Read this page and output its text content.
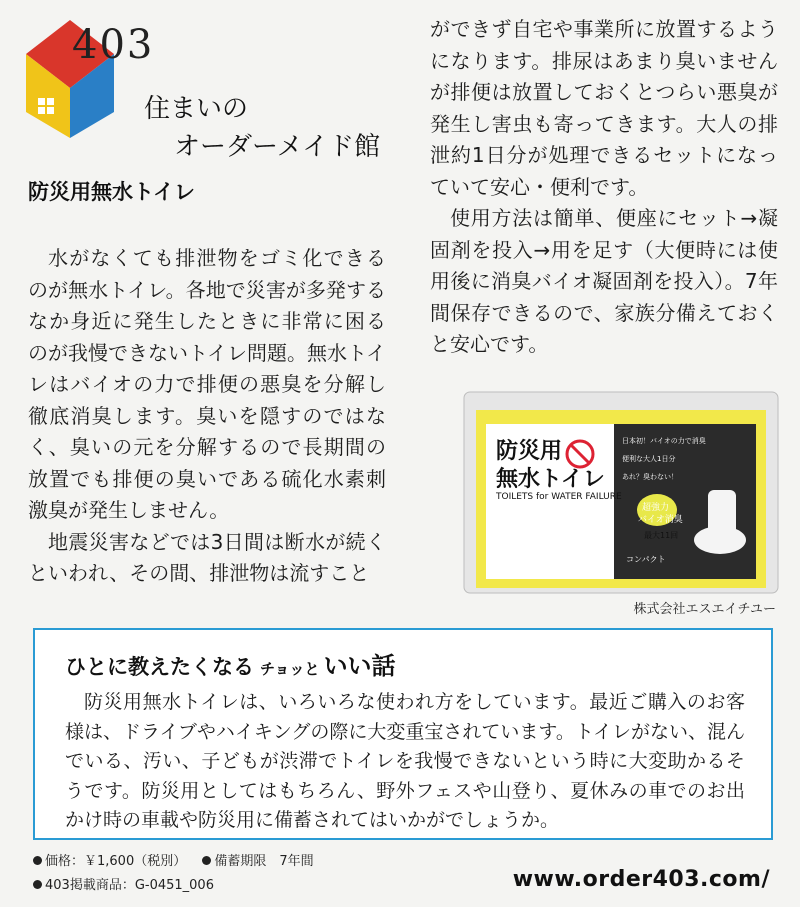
403
住まいの
オーダーメイド館
防災用無水トイレ

水がなくても排泄物をゴミ化できるのが無水トイレ。各地で災害が多発するなか身近に発生したときに非常に困るのが我慢できないトイレ問題。無水トイレはバイオの力で排便の悪臭を分解し徹底消臭します。臭いを隠すのではなく、臭いの元を分解するので長期間の放置でも排便の臭いである硫化水素刺激臭が発生しません。

地震災害などでは3日間は断水が続くといわれ、その間、排泄物は流すこと

ができず自宅や事業所に放置するようになります。排尿はあまり臭いませんが排便は放置しておくとつらい悪臭が発生し害虫も寄ってきます。大人の排泄約1日分が処理できるセットになっていて安心・便利です。

使用方法は簡単、便座にセット→凝固剤を投入→用を足す（大便時には使用後に消臭バイオ凝固剤を投入）。7年間保存できるので、家族分備えておくと安心です。

防災用
無水トイレ
TOILETS for WATER FAILURE
日本初！バイオの力で消臭
便利な大人1日分
あれ？臭わない！
超強力
バイオ消臭
最大11回
コンパクト
株式会社エスエイチユー
ひとに教えたくなる チョッと いい話

防災用無水トイレは、いろいろな使われ方をしています。最近ご購入のお客様は、ドライブやハイキングの際に大変重宝されています。トイレがない、混んでいる、汚い、子どもが渋滞でトイレを我慢できないという時に大変助かるそうです。防災用としてはもちろん、野外フェスや山登り、夏休みの車でのお出かけ時の車載や防災用に備蓄されてはいかがでしょうか。

価格：￥1,600（税別） 備蓄期限　7年間
403掲載商品：G-0451_006	www.order403.com/
